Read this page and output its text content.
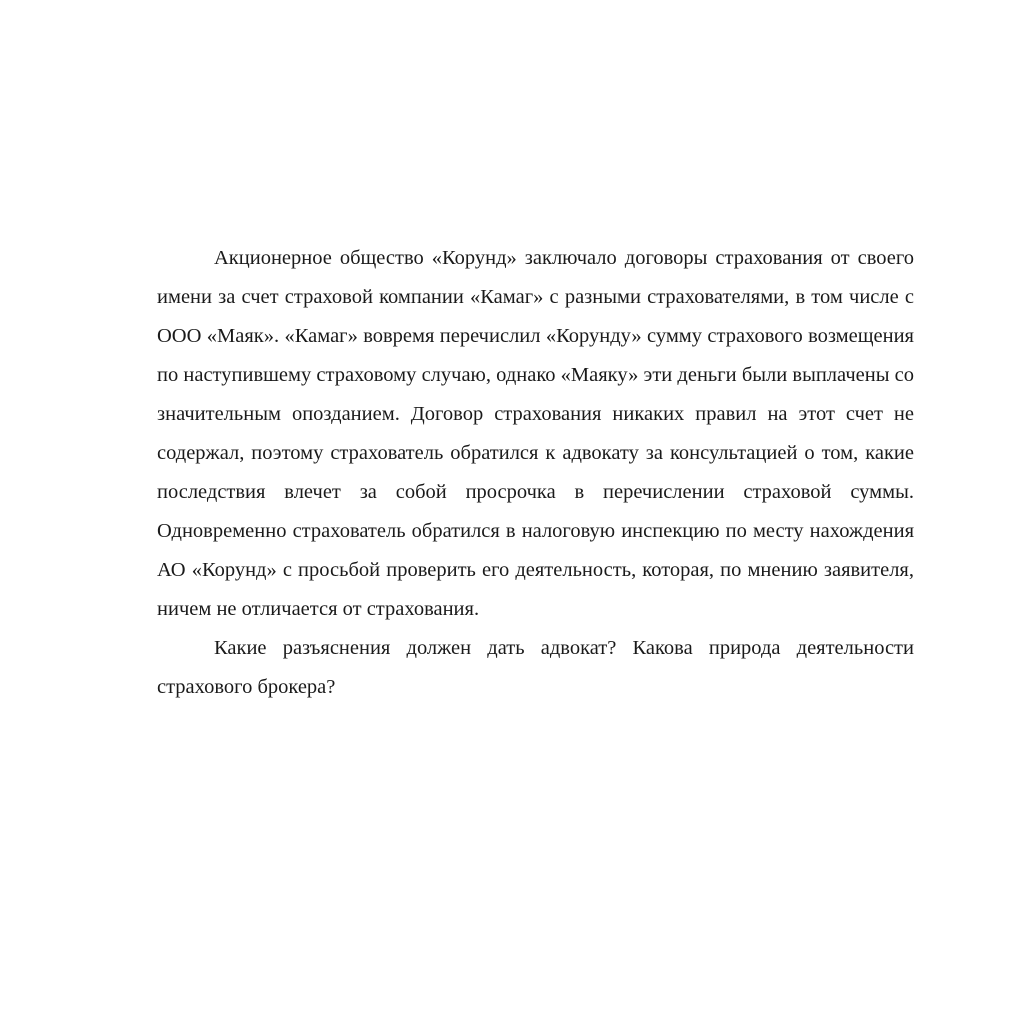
Акционерное общество «Корунд» заключало договоры страхования от своего имени за счет страховой компании «Камаг» с разными страхователями, в том числе с ООО «Маяк». «Камаг» вовремя перечислил «Корунду» сумму страхового возмещения по наступившему страховому случаю, однако «Маяку» эти деньги были выплачены со значительным опозданием. Договор страхования никаких правил на этот счет не содержал, поэтому страхователь обратился к адвокату за консультацией о том, какие последствия влечет за собой просрочка в перечислении страховой суммы. Одновременно страхователь обратился в налоговую инспекцию по месту нахождения АО «Корунд» с просьбой проверить его деятельность, которая, по мнению заявителя, ничем не отличается от страхования.

Какие разъяснения должен дать адвокат? Какова природа деятельности страхового брокера?
